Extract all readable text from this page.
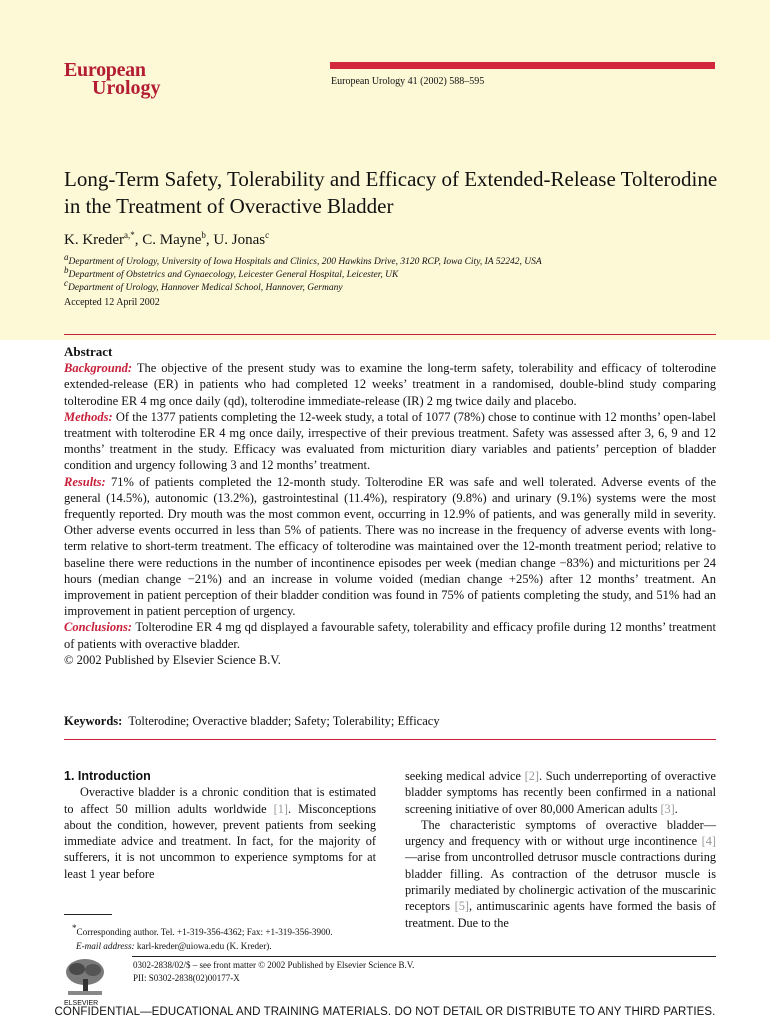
European
Urology	European Urology 41 (2002) 588–595
Long-Term Safety, Tolerability and Efficacy of Extended-Release Tolterodine in the Treatment of Overactive Bladder
K. Kreder$^{a,*}$, C. Mayne$^b$, U. Jonas$^c$
$^a$Department of Urology, University of Iowa Hospitals and Clinics, 200 Hawkins Drive, 3120 RCP, Iowa City, IA 52242, USA
$^b$Department of Obstetrics and Gynaecology, Leicester General Hospital, Leicester, UK
$^c$Department of Urology, Hannover Medical School, Hannover, Germany
Accepted 12 April 2002

Abstract

Background: The objective of the present study was to examine the long-term safety, tolerability and efficacy of tolterodine extended-release (ER) in patients who had completed 12 weeks’ treatment in a randomised, double-blind study comparing tolterodine ER 4 mg once daily (qd), tolterodine immediate-release (IR) 2 mg twice daily and placebo.

Methods: Of the 1377 patients completing the 12-week study, a total of 1077 (78%) chose to continue with 12 months’ open-label treatment with tolterodine ER 4 mg once daily, irrespective of their previous treatment. Safety was assessed after 3, 6, 9 and 12 months’ treatment in the study. Efficacy was evaluated from micturition diary variables and patients’ perception of bladder condition and urgency following 3 and 12 months’ treatment.

Results: 71% of patients completed the 12-month study. Tolterodine ER was safe and well tolerated. Adverse events of the general (14.5%), autonomic (13.2%), gastrointestinal (11.4%), respiratory (9.8%) and urinary (9.1%) systems were the most frequently reported. Dry mouth was the most common event, occurring in 12.9% of patients, and was generally mild in severity. Other adverse events occurred in less than 5% of patients. There was no increase in the frequency of adverse events with long-term relative to short-term treatment. The efficacy of tolterodine was maintained over the 12-month treatment period; relative to baseline there were reductions in the number of incontinence episodes per week (median change −83%) and micturitions per 24 hours (median change −21%) and an increase in volume voided (median change +25%) after 12 months’ treatment. An improvement in patient perception of their bladder condition was found in 75% of patients completing the study, and 51% had an improvement in patient perception of urgency.

Conclusions: Tolterodine ER 4 mg qd displayed a favourable safety, tolerability and efficacy profile during 12 months’ treatment of patients with overactive bladder.

© 2002 Published by Elsevier Science B.V.

Keywords: Tolterodine; Overactive bladder; Safety; Tolerability; Efficacy

1. Introduction

Overactive bladder is a chronic condition that is estimated to affect 50 million adults worldwide [1]. Misconceptions about the condition, however, prevent patients from seeking immediate advice and treatment. In fact, for the majority of sufferers, it is not uncommon to experience symptoms for at least 1 year before

seeking medical advice [2]. Such underreporting of overactive bladder symptoms has recently been confirmed in a national screening initiative of over 80,000 American adults [3].

The characteristic symptoms of overactive bladder—urgency and frequency with or without urge incontinence [4]—arise from uncontrolled detrusor muscle contractions during bladder filling. As contraction of the detrusor muscle is primarily mediated by cholinergic activation of the muscarinic receptors [5], antimuscarinic agents have formed the basis of treatment. Due to the

*Corresponding author. Tel. +1-319-356-4362; Fax: +1-319-356-3900.
E-mail address: karl-kreder@uiowa.edu (K. Kreder).
ELSEVIER
0302-2838/02/$ – see front matter © 2002 Published by Elsevier Science B.V.
PII: S0302-2838(02)00177-X
CONFIDENTIAL—EDUCATIONAL AND TRAINING MATERIALS. DO NOT DETAIL OR DISTRIBUTE TO ANY THIRD PARTIES.
